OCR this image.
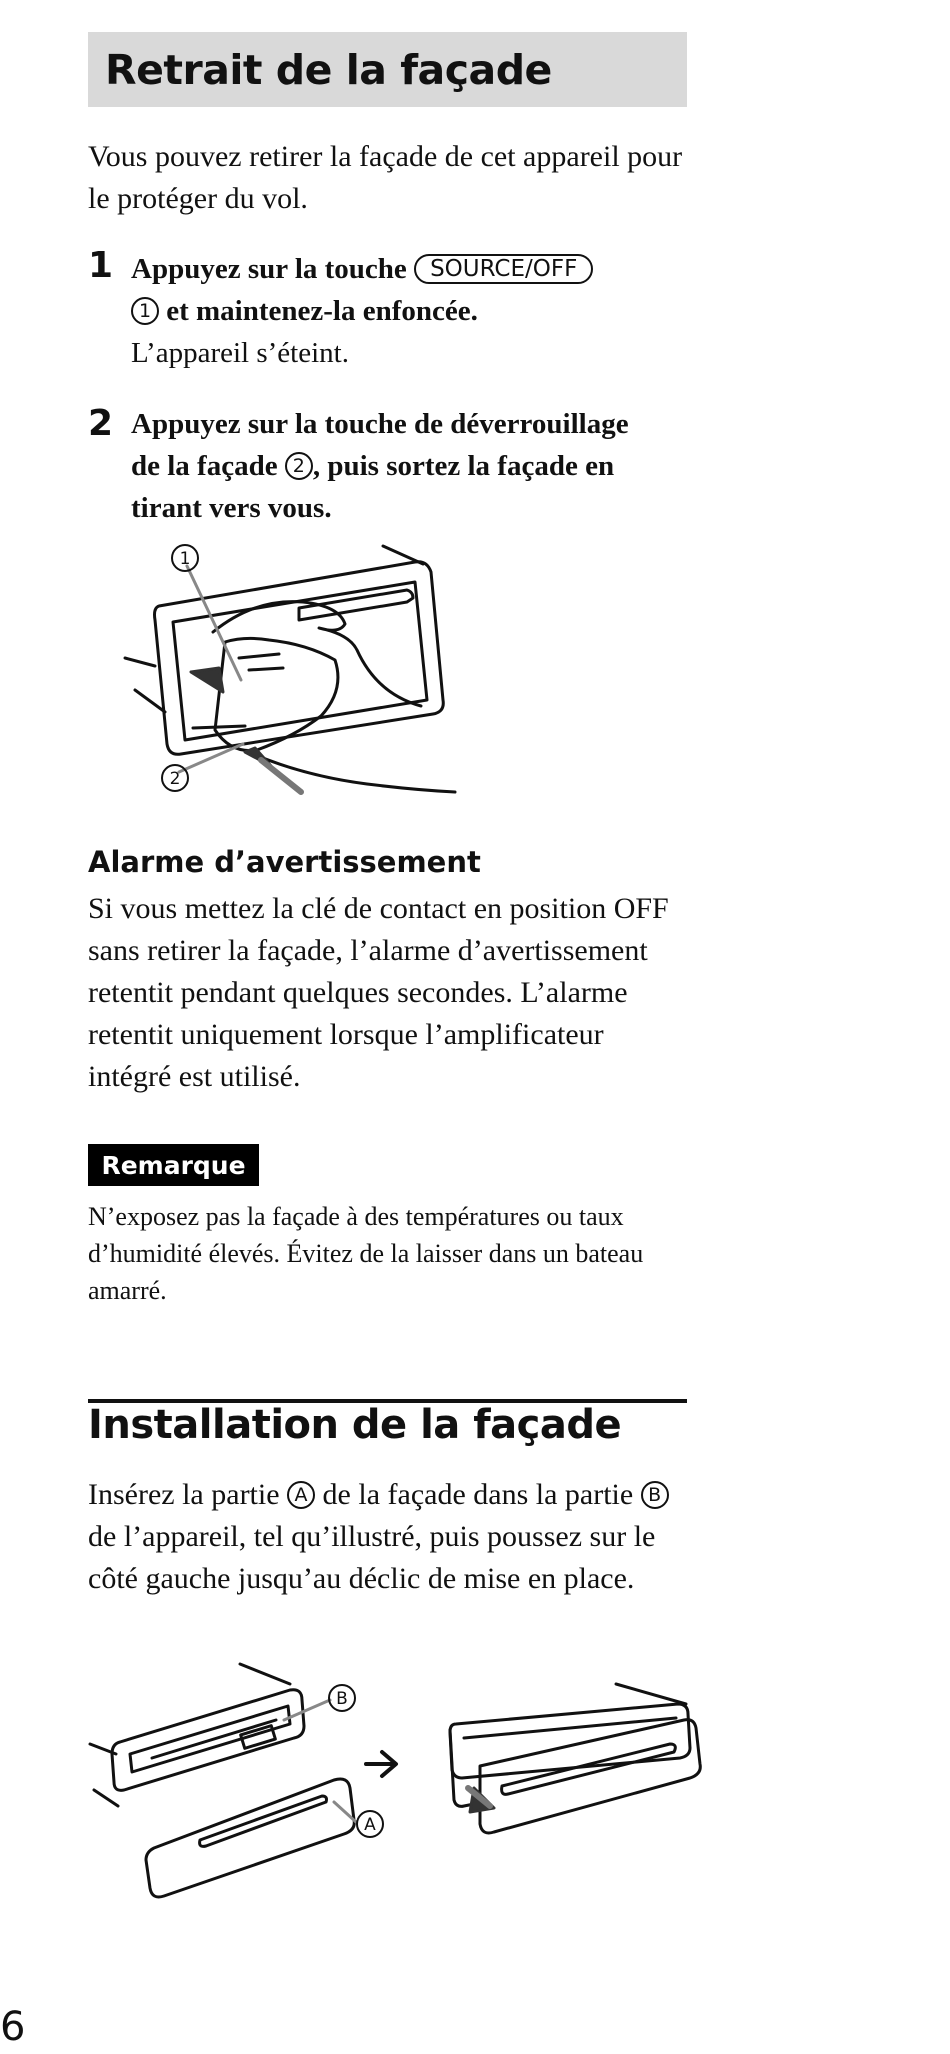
Retrait de la façade

Vous pouvez retirer la façade de cet appareil pour le protéger du vol.

1 Appuyez sur la touche SOURCE/OFF
1 et maintenez-la enfoncée.

L’appareil s’éteint.

2 Appuyez sur la touche de déverrouillage de la façade 2 , puis sortez la façade en tirant vers vous.

1
2
Alarme d’avertissement

Si vous mettez la clé de contact en position OFF sans retirer la façade, l’alarme d’avertissement retentit pendant quelques secondes. L’alarme retentit uniquement lorsque l’amplificateur intégré est utilisé.

Remarque

N’exposez pas la façade à des températures ou taux d’humidité élevés. Évitez de la laisser dans un bateau amarré.

Installation de la façade

Insérez la partie A de la façade dans la partie B de l’appareil, tel qu’illustré, puis poussez sur le côté gauche jusqu’au déclic de mise en place.

B
A

6
